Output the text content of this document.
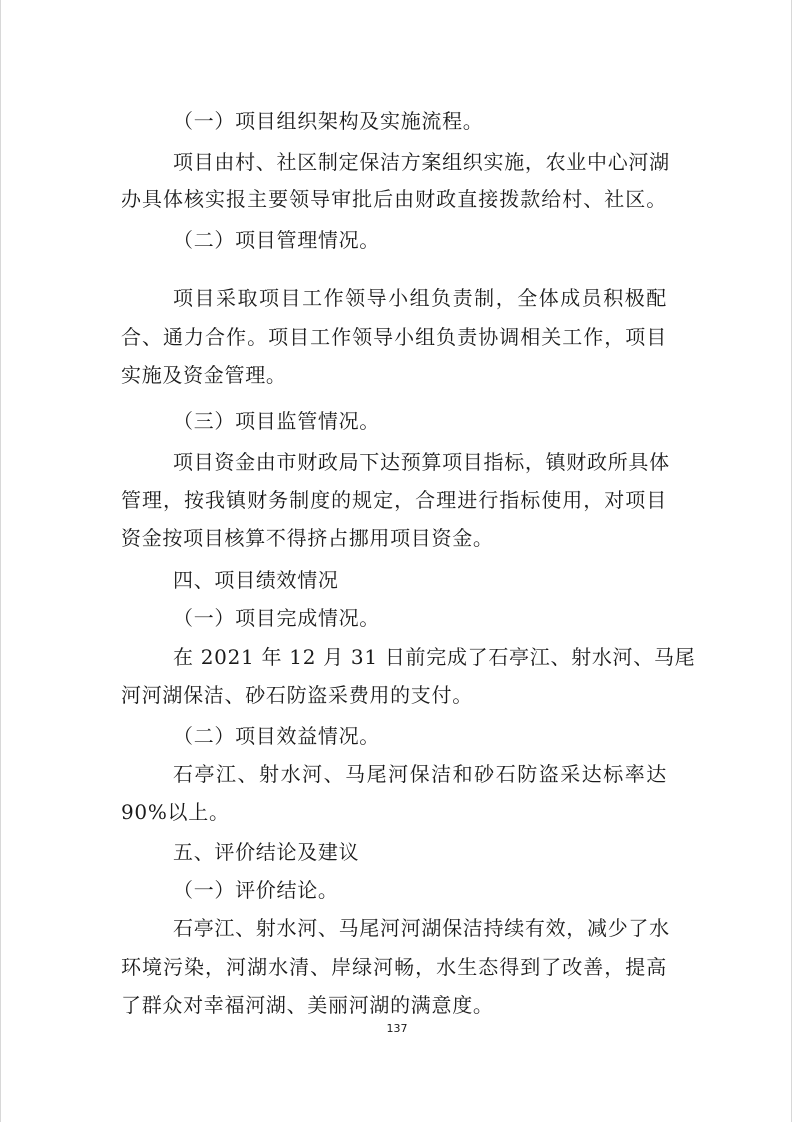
（一）项目组织架构及实施流程。
项目由村、社区制定保洁方案组织实施，农业中心河湖
办具体核实报主要领导审批后由财政直接拨款给村、社区。
（二）项目管理情况。
项目采取项目工作领导小组负责制，全体成员积极配
合、通力合作。项目工作领导小组负责协调相关工作，项目
实施及资金管理。
（三）项目监管情况。
项目资金由市财政局下达预算项目指标，镇财政所具体
管理，按我镇财务制度的规定，合理进行指标使用，对项目
资金按项目核算不得挤占挪用项目资金。
四、项目绩效情况
（一）项目完成情况。
在 2021 年 12 月 31 日前完成了石亭江、射水河、马尾
河河湖保洁、砂石防盗采费用的支付。
（二）项目效益情况。
石亭江、射水河、马尾河保洁和砂石防盗采达标率达
90%以上。
五、评价结论及建议
（一）评价结论。
石亭江、射水河、马尾河河湖保洁持续有效，减少了水
环境污染，河湖水清、岸绿河畅，水生态得到了改善，提高
了群众对幸福河湖、美丽河湖的满意度。
137
